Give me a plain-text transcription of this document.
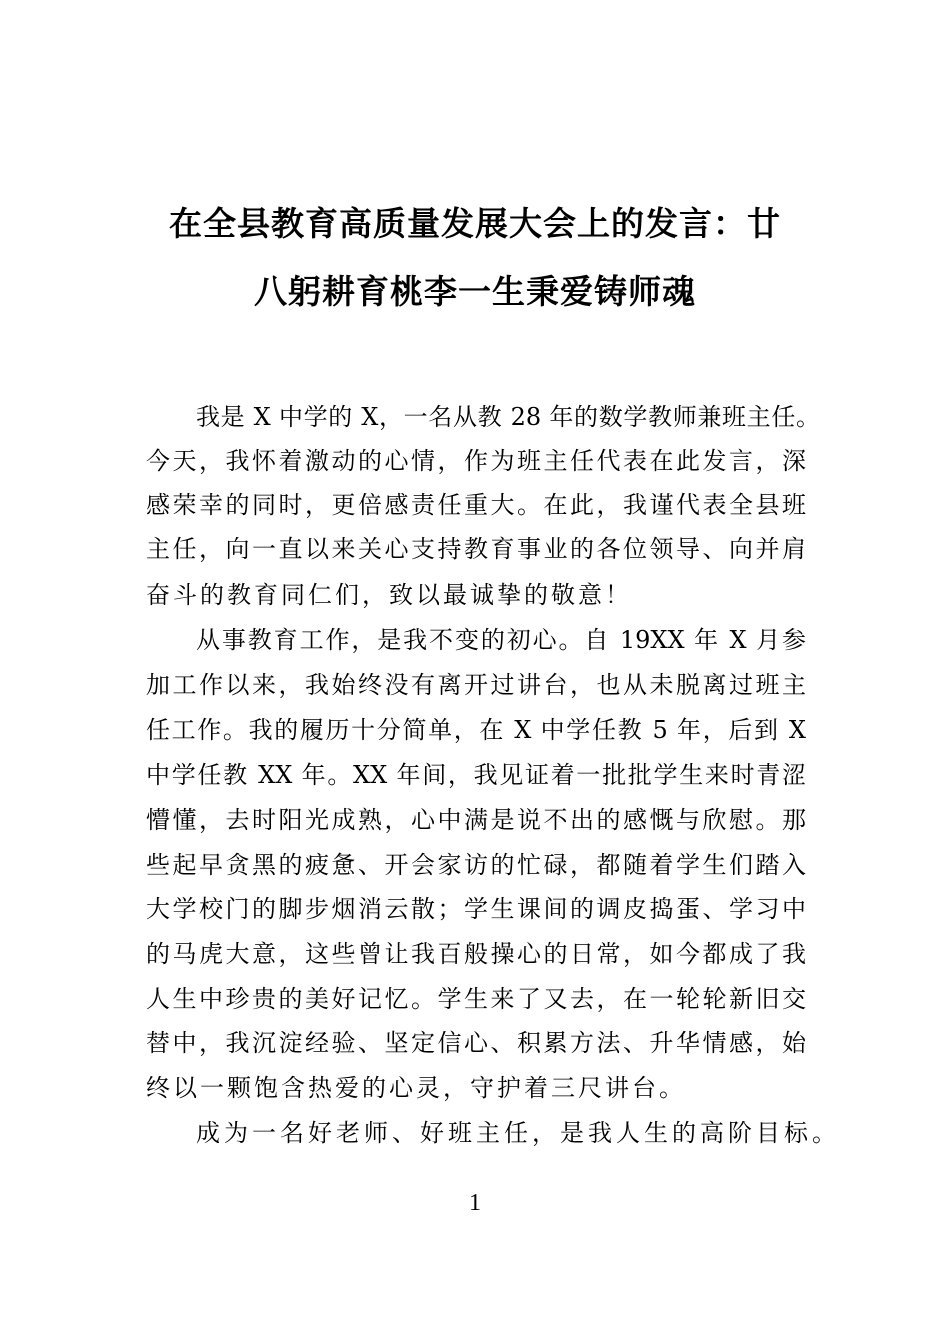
在全县教育高质量发展大会上的发言：廿
八躬耕育桃李一生秉爱铸师魂
我是 X 中学的 X，一名从教 28 年的数学教师兼班主任。
今天，我怀着激动的心情，作为班主任代表在此发言，深
感荣幸的同时，更倍感责任重大。在此，我谨代表全县班
主任，向一直以来关心支持教育事业的各位领导、向并肩
奋斗的教育同仁们，致以最诚挚的敬意！
从事教育工作，是我不变的初心。自 19XX 年 X 月参
加工作以来，我始终没有离开过讲台，也从未脱离过班主
任工作。我的履历十分简单，在 X 中学任教 5 年，后到 X
中学任教 XX 年。XX 年间，我见证着一批批学生来时青涩
懵懂，去时阳光成熟，心中满是说不出的感慨与欣慰。那
些起早贪黑的疲惫、开会家访的忙碌，都随着学生们踏入
大学校门的脚步烟消云散；学生课间的调皮捣蛋、学习中
的马虎大意，这些曾让我百般操心的日常，如今都成了我
人生中珍贵的美好记忆。学生来了又去，在一轮轮新旧交
替中，我沉淀经验、坚定信心、积累方法、升华情感，始
终以一颗饱含热爱的心灵，守护着三尺讲台。
成为一名好老师、好班主任，是我人生的高阶目标。
1
